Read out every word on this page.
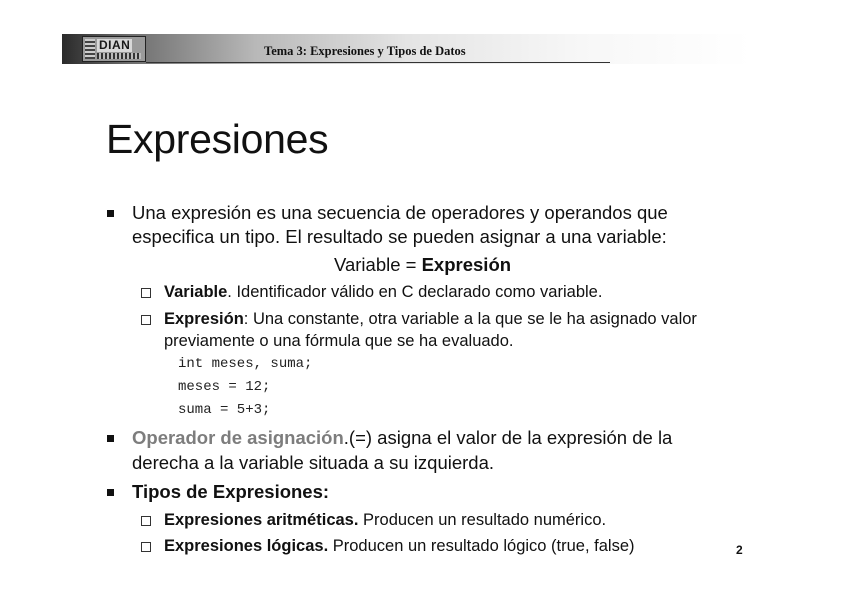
DIAN	Tema 3: Expresiones y Tipos de Datos
Expresiones
Una expresión es una secuencia de operadores y operandos que
especifica un tipo. El resultado se pueden asignar a una variable:
Variable = Expresión
Variable. Identificador válido en C declarado como variable.
Expresión: Una constante, otra variable a la que se le ha asignado valor
previamente o una fórmula que se ha evaluado.
int meses, suma;
meses = 12;
suma = 5+3;
Operador de asignación.(=) asigna el valor de la expresión de la
derecha a la variable situada a su izquierda.
Tipos de Expresiones:
Expresiones aritméticas. Producen un resultado numérico.
Expresiones lógicas. Producen un resultado lógico (true, false)	2
